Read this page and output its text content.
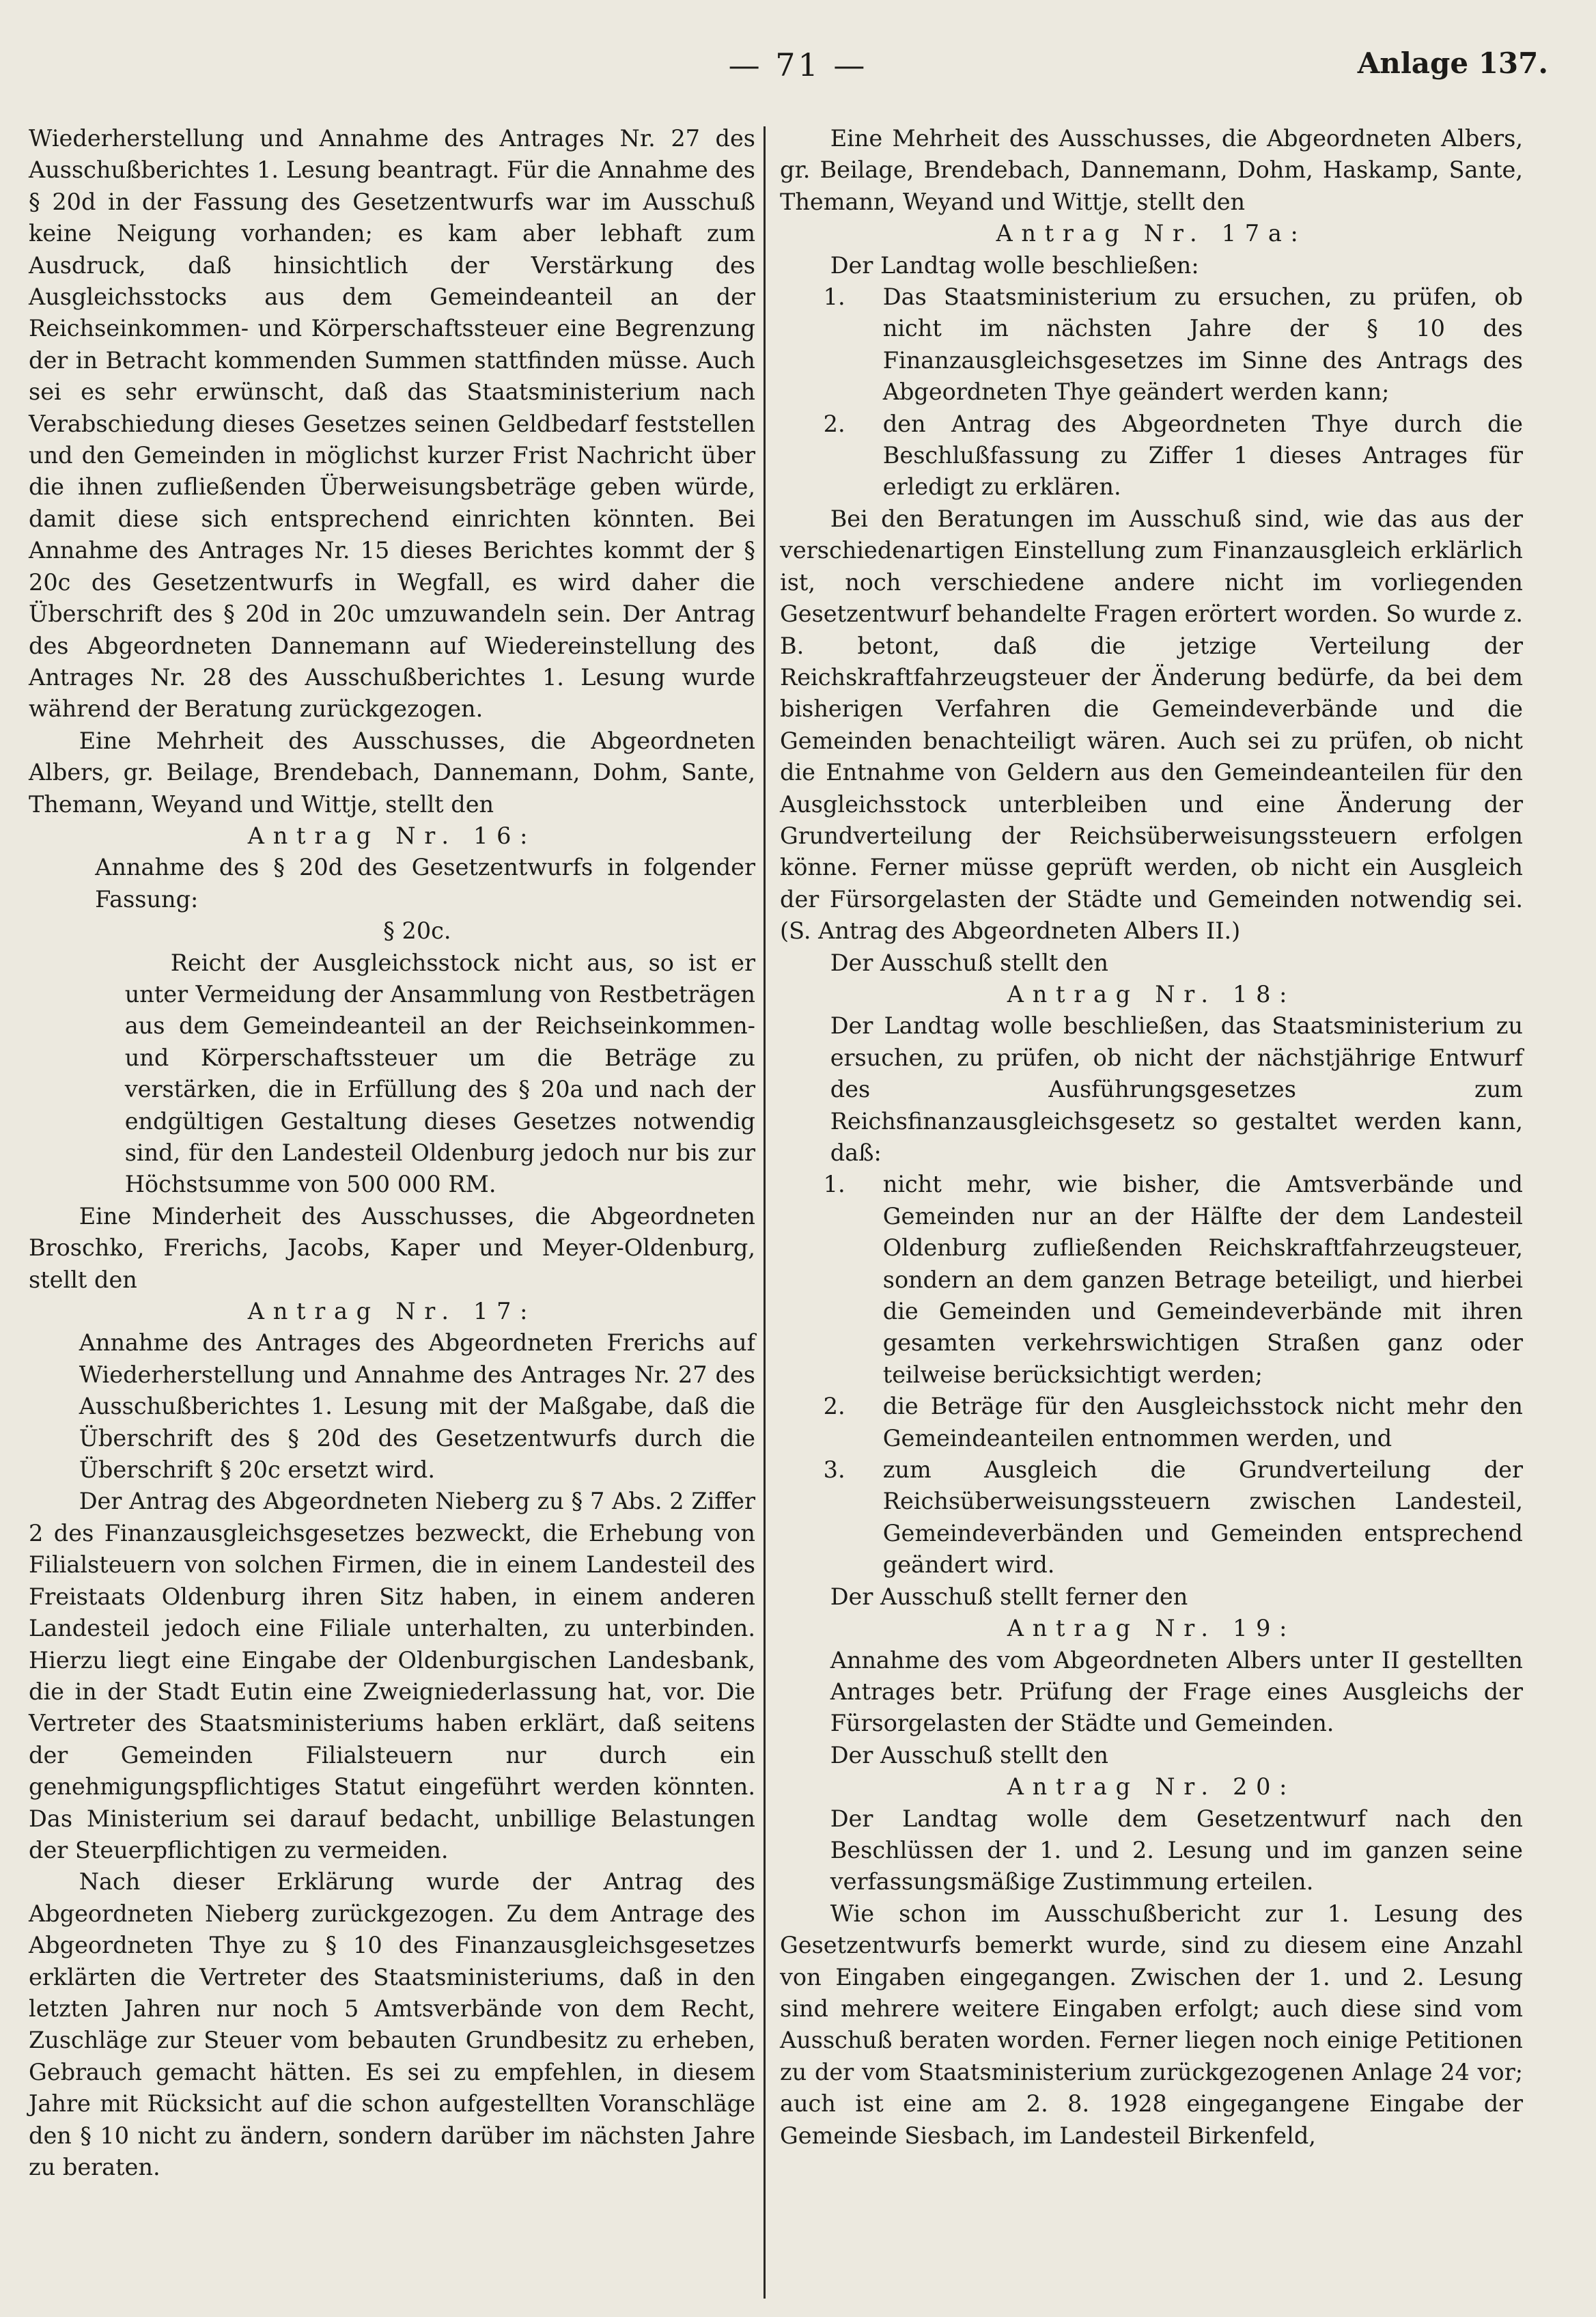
— 71 —	Anlage 137.

Wiederherstellung und Annahme des Antrages Nr. 27 des Ausschußberichtes 1. Lesung beantragt. Für die Annahme des § 20d in der Fassung des Gesetzentwurfs war im Ausschuß keine Neigung vorhanden; es kam aber lebhaft zum Ausdruck, daß hinsichtlich der Verstärkung des Ausgleichsstocks aus dem Gemeindeanteil an der Reichseinkommen- und Körperschaftssteuer eine Begrenzung der in Betracht kommenden Summen stattfinden müsse. Auch sei es sehr erwünscht, daß das Staatsministerium nach Verabschiedung dieses Gesetzes seinen Geldbedarf feststellen und den Gemeinden in möglichst kurzer Frist Nachricht über die ihnen zufließenden Überweisungsbeträge geben würde, damit diese sich entsprechend einrichten könnten. Bei Annahme des Antrages Nr. 15 dieses Berichtes kommt der § 20c des Gesetzentwurfs in Wegfall, es wird daher die Überschrift des § 20d in 20c umzuwandeln sein. Der Antrag des Abgeordneten Dannemann auf Wiedereinstellung des Antrages Nr. 28 des Ausschußberichtes 1. Lesung wurde während der Beratung zurückgezogen.

Eine Mehrheit des Ausschusses, die Abgeordneten Albers, gr. Beilage, Brendebach, Dannemann, Dohm, Sante, Themann, Weyand und Wittje, stellt den

Antrag Nr. 16:

Annahme des § 20d des Gesetzentwurfs in folgender Fassung:

§ 20c.

Reicht der Ausgleichsstock nicht aus, so ist er unter Vermeidung der Ansammlung von Restbeträgen aus dem Gemeindeanteil an der Reichseinkommen- und Körperschaftssteuer um die Beträge zu verstärken, die in Erfüllung des § 20a und nach der endgültigen Gestaltung dieses Gesetzes notwendig sind, für den Landesteil Oldenburg jedoch nur bis zur Höchstsumme von 500 000 RM.

Eine Minderheit des Ausschusses, die Abgeordneten Broschko, Frerichs, Jacobs, Kaper und Meyer-Oldenburg, stellt den

Antrag Nr. 17:

Annahme des Antrages des Abgeordneten Frerichs auf Wiederherstellung und Annahme des Antrages Nr. 27 des Ausschußberichtes 1. Lesung mit der Maßgabe, daß die Überschrift des § 20d des Gesetzentwurfs durch die Überschrift § 20c ersetzt wird.

Der Antrag des Abgeordneten Nieberg zu § 7 Abs. 2 Ziffer 2 des Finanzausgleichsgesetzes bezweckt, die Erhebung von Filialsteuern von solchen Firmen, die in einem Landesteil des Freistaats Oldenburg ihren Sitz haben, in einem anderen Landesteil jedoch eine Filiale unterhalten, zu unterbinden. Hierzu liegt eine Eingabe der Oldenburgischen Landesbank, die in der Stadt Eutin eine Zweigniederlassung hat, vor. Die Vertreter des Staatsministeriums haben erklärt, daß seitens der Gemeinden Filialsteuern nur durch ein genehmigungspflichtiges Statut eingeführt werden könnten. Das Ministerium sei darauf bedacht, unbillige Belastungen der Steuerpflichtigen zu vermeiden.

Nach dieser Erklärung wurde der Antrag des Abgeordneten Nieberg zurückgezogen. Zu dem Antrage des Abgeordneten Thye zu § 10 des Finanzausgleichsgesetzes erklärten die Vertreter des Staatsministeriums, daß in den letzten Jahren nur noch 5 Amtsverbände von dem Recht, Zuschläge zur Steuer vom bebauten Grundbesitz zu erheben, Gebrauch gemacht hätten. Es sei zu empfehlen, in diesem Jahre mit Rücksicht auf die schon aufgestellten Voranschläge den § 10 nicht zu ändern, sondern darüber im nächsten Jahre zu beraten.

Eine Mehrheit des Ausschusses, die Abgeordneten Albers, gr. Beilage, Brendebach, Dannemann, Dohm, Haskamp, Sante, Themann, Weyand und Wittje, stellt den

Antrag Nr. 17a:

Der Landtag wolle beschließen:

1. Das Staatsministerium zu ersuchen, zu prüfen, ob nicht im nächsten Jahre der § 10 des Finanzausgleichsgesetzes im Sinne des Antrags des Abgeordneten Thye geändert werden kann;
2. den Antrag des Abgeordneten Thye durch die Beschlußfassung zu Ziffer 1 dieses Antrages für erledigt zu erklären.

Bei den Beratungen im Ausschuß sind, wie das aus der verschiedenartigen Einstellung zum Finanzausgleich erklärlich ist, noch verschiedene andere nicht im vorliegenden Gesetzentwurf behandelte Fragen erörtert worden. So wurde z. B. betont, daß die jetzige Verteilung der Reichskraftfahrzeugsteuer der Änderung bedürfe, da bei dem bisherigen Verfahren die Gemeindeverbände und die Gemeinden benachteiligt wären. Auch sei zu prüfen, ob nicht die Entnahme von Geldern aus den Gemeindeanteilen für den Ausgleichsstock unterbleiben und eine Änderung der Grundverteilung der Reichsüberweisungssteuern erfolgen könne. Ferner müsse geprüft werden, ob nicht ein Ausgleich der Fürsorgelasten der Städte und Gemeinden notwendig sei. (S. Antrag des Abgeordneten Albers II.)

Der Ausschuß stellt den

Antrag Nr. 18:

Der Landtag wolle beschließen, das Staatsministerium zu ersuchen, zu prüfen, ob nicht der nächstjährige Entwurf des Ausführungsgesetzes zum Reichsfinanzausgleichsgesetz so gestaltet werden kann, daß:

1. nicht mehr, wie bisher, die Amtsverbände und Gemeinden nur an der Hälfte der dem Landesteil Oldenburg zufließenden Reichskraftfahrzeugsteuer, sondern an dem ganzen Betrage beteiligt, und hierbei die Gemeinden und Gemeindeverbände mit ihren gesamten verkehrswichtigen Straßen ganz oder teilweise berücksichtigt werden;
2. die Beträge für den Ausgleichsstock nicht mehr den Gemeindeanteilen entnommen werden, und
3. zum Ausgleich die Grundverteilung der Reichsüberweisungssteuern zwischen Landesteil, Gemeindeverbänden und Gemeinden entsprechend geändert wird.

Der Ausschuß stellt ferner den

Antrag Nr. 19:

Annahme des vom Abgeordneten Albers unter II gestellten Antrages betr. Prüfung der Frage eines Ausgleichs der Fürsorgelasten der Städte und Gemeinden.

Der Ausschuß stellt den

Antrag Nr. 20:

Der Landtag wolle dem Gesetzentwurf nach den Beschlüssen der 1. und 2. Lesung und im ganzen seine verfassungsmäßige Zustimmung erteilen.

Wie schon im Ausschußbericht zur 1. Lesung des Gesetzentwurfs bemerkt wurde, sind zu diesem eine Anzahl von Eingaben eingegangen. Zwischen der 1. und 2. Lesung sind mehrere weitere Eingaben erfolgt; auch diese sind vom Ausschuß beraten worden. Ferner liegen noch einige Petitionen zu der vom Staatsministerium zurückgezogenen Anlage 24 vor; auch ist eine am 2. 8. 1928 eingegangene Eingabe der Gemeinde Siesbach, im Landesteil Birkenfeld,
